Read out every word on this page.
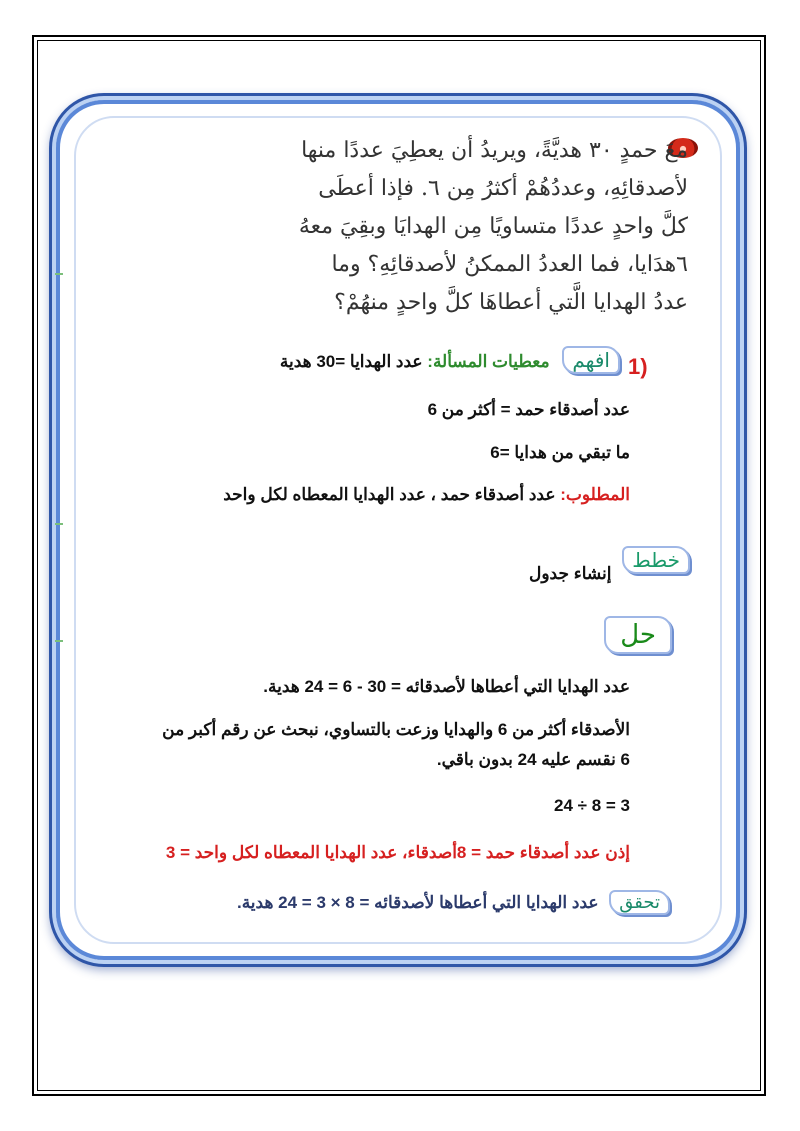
معَ حمدٍ ٣٠ هديَّةً، ويريدُ أن يعطِيَ عددًا منها
لأصدقائِهِ، وعددُهُمْ أكثرُ مِن ٦. فإذا أعطَى
كلَّ واحدٍ عددًا متساويًا مِن الهدايَا وبقِيَ معهُ
٦هدَايا، فما العددُ الممكنُ لأصدقائِهِ؟ وما
عددُ الهدايا الَّتي أعطاهَا كلَّ واحدٍ منهُمْ؟
1)
افهم معطيات المسألة: عدد الهدايا =30 هدية
عدد أصدقاء حمد = أكثر من 6
ما تبقي من هدايا =6
المطلوب: عدد أصدقاء حمد ، عدد الهدايا المعطاه لكل واحد
خطط إنشاء جدول
حل
عدد الهدايا التي أعطاها لأصدقائه = 30 - 6 = 24 هدية.
الأصدقاء أكثر من 6 والهدايا وزعت بالتساوي، نبحث عن رقم أكبر من
6 نقسم عليه 24 بدون باقي.
24 ÷ 8 = 3
إذن عدد أصدقاء حمد = 8أصدقاء، عدد الهدايا المعطاه لكل واحد = 3
تحقق عدد الهدايا التي أعطاها لأصدقائه = 8 × 3 = 24 هدية.
